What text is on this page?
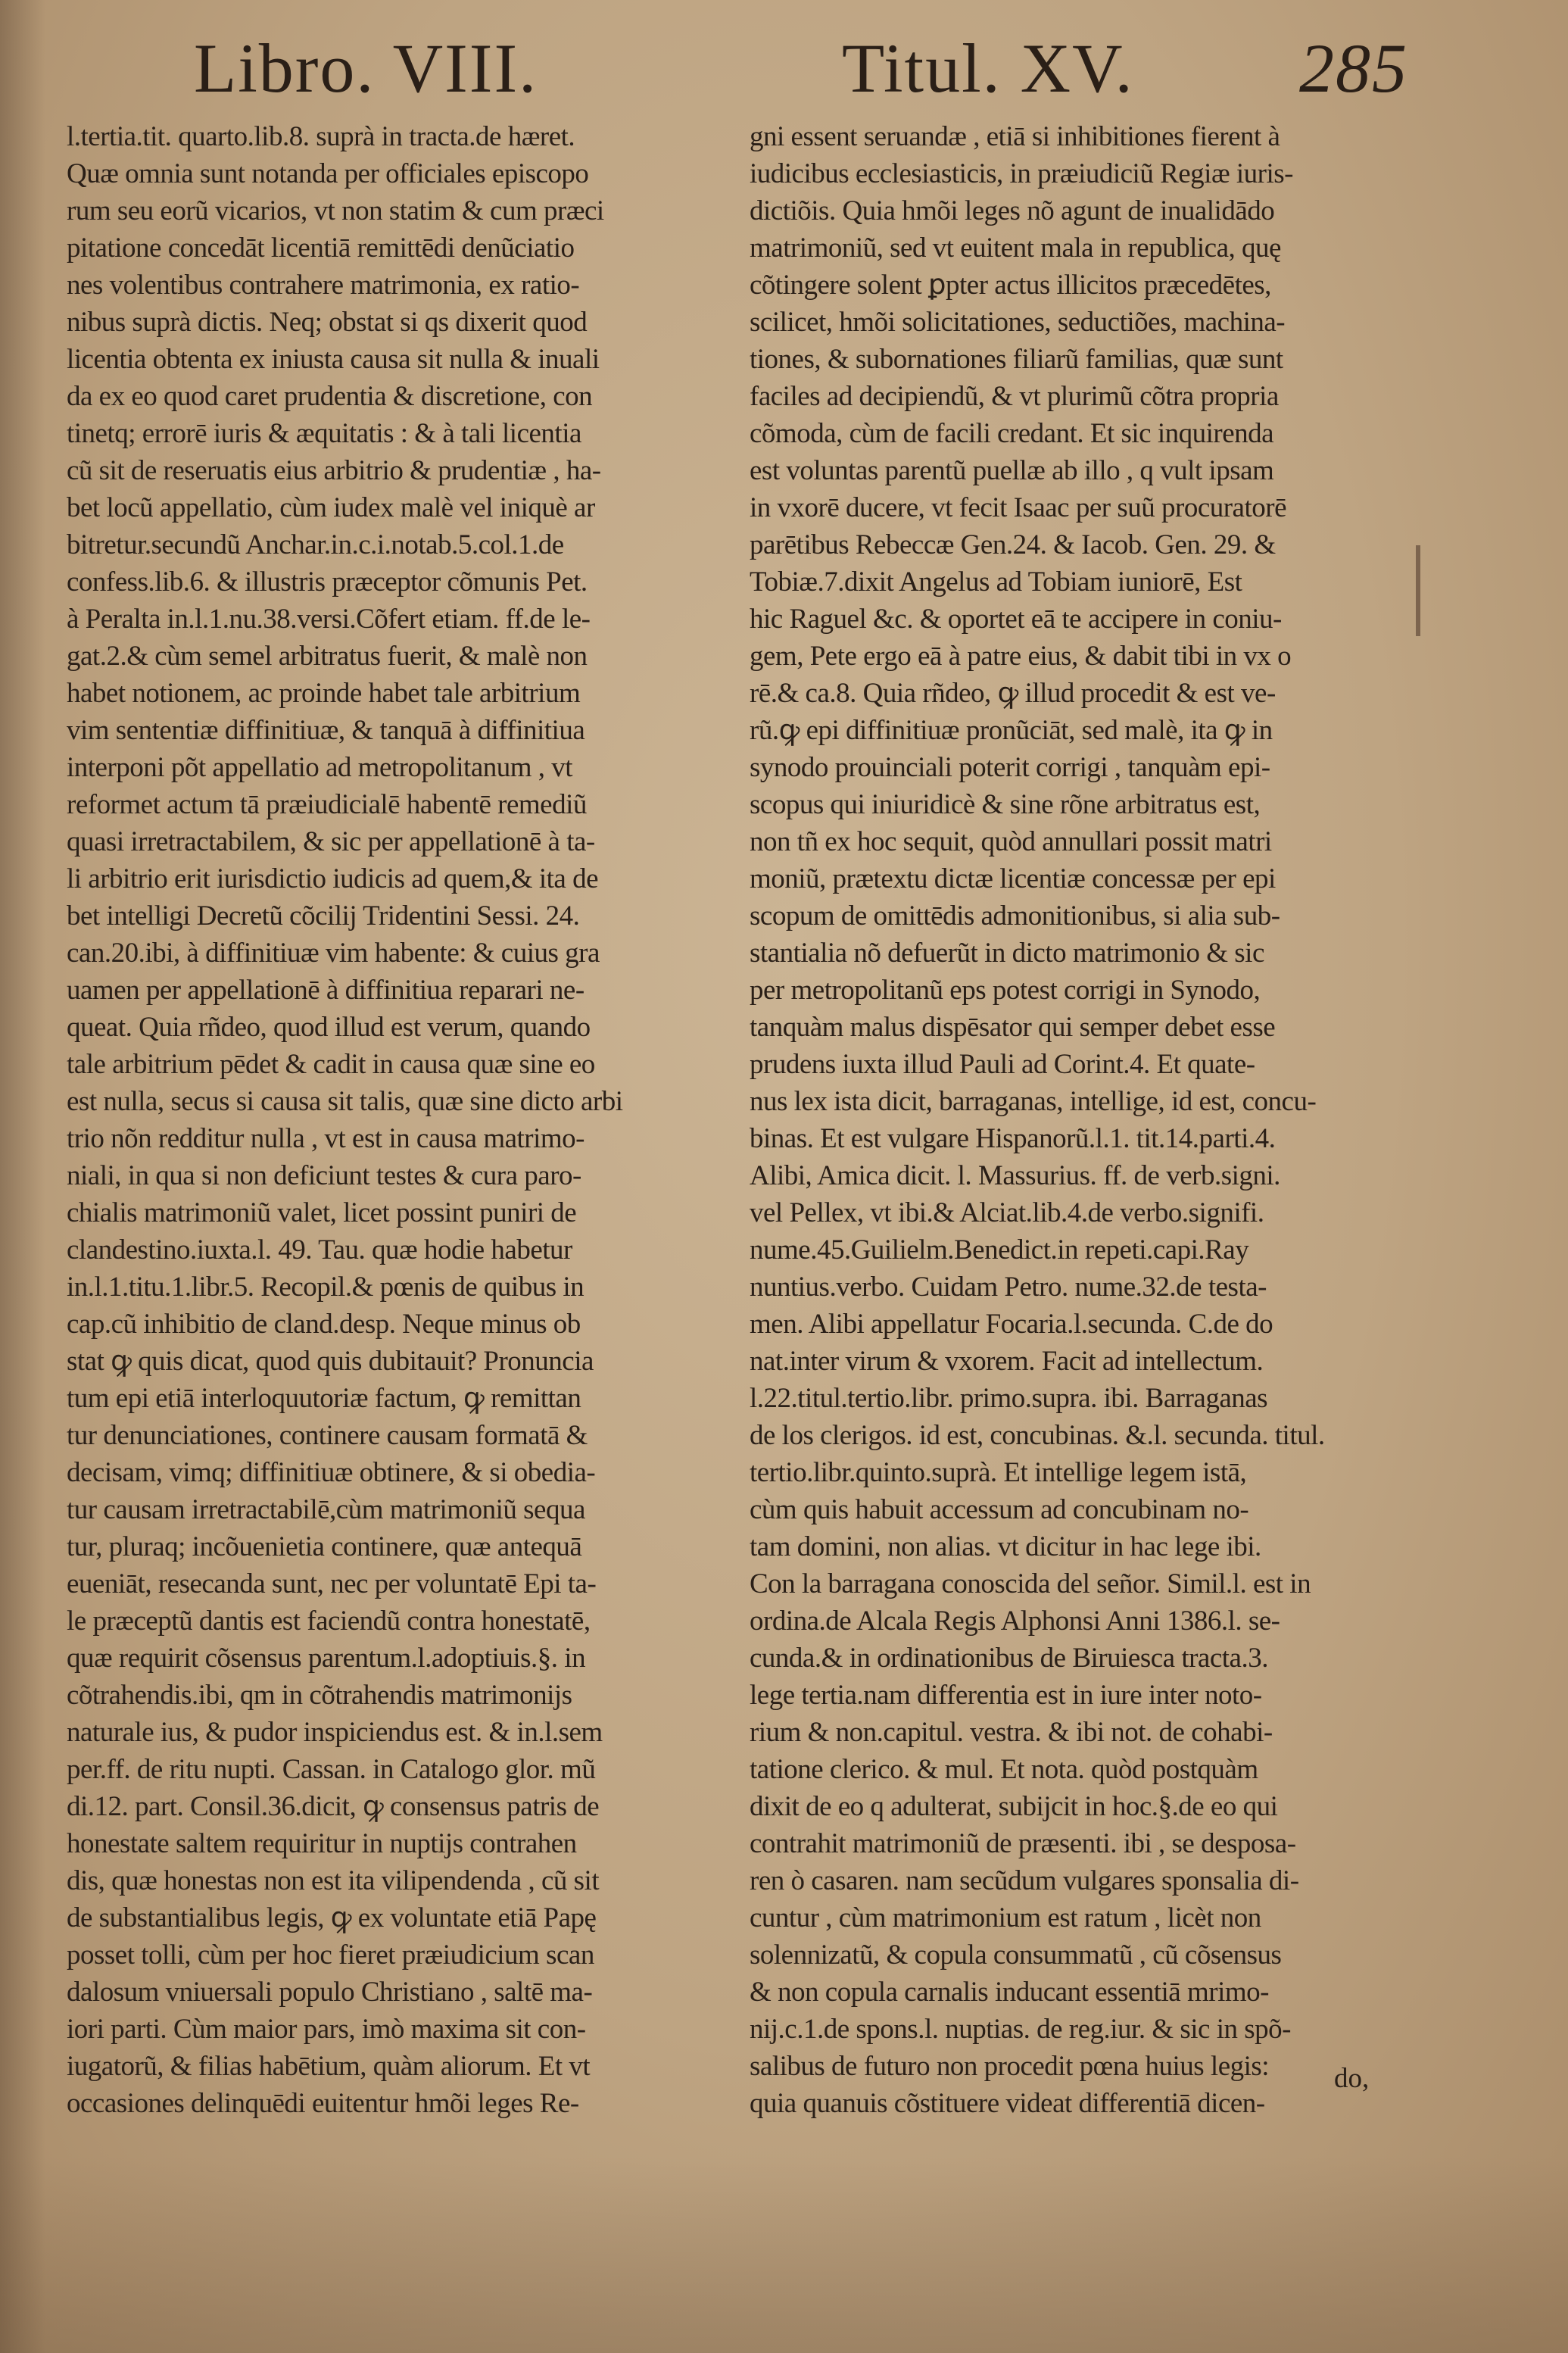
Libro. VIII.	Titul. XV. 285
l.tertia.tit. quarto.lib.8. suprà in tracta.de hæret.
Quæ omnia sunt notanda per officiales episcopo
rum seu eorũ vicarios, vt non statim & cum præci
pitatione concedāt licentiā remittēdi denũciatio
nes volentibus contrahere matrimonia, ex ratio-
nibus suprà dictis. Neq; obstat si qs dixerit quod
licentia obtenta ex iniusta causa sit nulla & inuali
da ex eo quod caret prudentia & discretione, con
tinetq; errorē iuris & æquitatis : & à tali licentia
cũ sit de reseruatis eius arbitrio & prudentiæ , ha-
bet locũ appellatio, cùm iudex malè vel iniquè ar
bitretur.secundũ Anchar.in.c.i.notab.5.col.1.de
confess.lib.6. & illustris præceptor cõmunis Pet.
à Peralta in.l.1.nu.38.versi.Cõfert etiam. ff.de le-
gat.2.& cùm semel arbitratus fuerit, & malè non
habet notionem, ac proinde habet tale arbitrium
vim sententiæ diffinitiuæ, & tanquā à diffinitiua
interponi põt appellatio ad metropolitanum , vt
reformet actum tā præiudicialē habentē remediũ
quasi irretractabilem, & sic per appellationē à ta-
li arbitrio erit iurisdictio iudicis ad quem,& ita de
bet intelligi Decretũ cõcilij Tridentini Sessi. 24.
can.20.ibi, à diffinitiuæ vim habente: & cuius gra
uamen per appellationē à diffinitiua reparari ne-
queat. Quia rñdeo, quod illud est verum, quando
tale arbitrium pēdet & cadit in causa quæ sine eo
est nulla, secus si causa sit talis, quæ sine dicto arbi
trio nõn redditur nulla , vt est in causa matrimo-
niali, in qua si non deficiunt testes & cura paro-
chialis matrimoniũ valet, licet possint puniri de
clandestino.iuxta.l. 49. Tau. quæ hodie habetur
in.l.1.titu.1.libr.5. Recopil.& pœnis de quibus in
cap.cũ inhibitio de cland.desp. Neque minus ob
stat ꝙ quis dicat, quod quis dubitauit? Pronuncia
tum epi etiā interloquutoriæ factum, ꝙ remittan
tur denunciationes, continere causam formatā &
decisam, vimq; diffinitiuæ obtinere, & si obedia-
tur causam irretractabilē,cùm matrimoniũ sequa
tur, pluraq; incõuenietia continere, quæ antequā
eueniāt, resecanda sunt, nec per voluntatē Epi ta-
le præceptũ dantis est faciendũ contra honestatē,
quæ requirit cõsensus parentum.l.adoptiuis.§. in
cõtrahendis.ibi, qm in cõtrahendis matrimonijs
naturale ius, & pudor inspiciendus est. & in.l.sem
per.ff. de ritu nupti. Cassan. in Catalogo glor. mũ
di.12. part. Consil.36.dicit, ꝙ consensus patris de
honestate saltem requiritur in nuptijs contrahen
dis, quæ honestas non est ita vilipendenda , cũ sit
de substantialibus legis, ꝙ ex voluntate etiā Papę
posset tolli, cùm per hoc fieret præiudicium scan
dalosum vniuersali populo Christiano , saltē ma-
iori parti. Cùm maior pars, imò maxima sit con-
iugatorũ, & filias habētium, quàm aliorum. Et vt
occasiones delinquēdi euitentur hmõi leges Re-
gni essent seruandæ , etiā si inhibitiones fierent à
iudicibus ecclesiasticis, in præiudiciũ Regiæ iuris-
dictiõis. Quia hmõi leges nõ agunt de inualidādo
matrimoniũ, sed vt euitent mala in republica, quę
cõtingere solent ꝑpter actus illicitos præcedētes,
scilicet, hmõi solicitationes, seductiões, machina-
tiones, & subornationes filiarũ familias, quæ sunt
faciles ad decipiendũ, & vt plurimũ cõtra propria
cõmoda, cùm de facili credant. Et sic inquirenda
est voluntas parentũ puellæ ab illo , q vult ipsam
in vxorē ducere, vt fecit Isaac per suũ procuratorē
parētibus Rebeccæ Gen.24. & Iacob. Gen. 29. &
Tobiæ.7.dixit Angelus ad Tobiam iuniorē, Est
hic Raguel &c. & oportet eā te accipere in coniu-
gem, Pete ergo eā à patre eius, & dabit tibi in vx o
rē.& ca.8. Quia rñdeo, ꝙ illud procedit & est ve-
rũ.ꝙ epi diffinitiuæ pronũciāt, sed malè, ita ꝙ in
synodo prouinciali poterit corrigi , tanquàm epi-
scopus qui iniuridicè & sine rõne arbitratus est,
non tñ ex hoc sequit, quòd annullari possit matri
moniũ, prætextu dictæ licentiæ concessæ per epi
scopum de omittēdis admonitionibus, si alia sub-
stantialia nõ defuerũt in dicto matrimonio & sic
per metropolitanũ eps potest corrigi in Synodo,
tanquàm malus dispēsator qui semper debet esse
prudens iuxta illud Pauli ad Corint.4. Et quate-
nus lex ista dicit, barraganas, intellige, id est, concu-
binas. Et est vulgare Hispanorũ.l.1. tit.14.parti.4.
Alibi, Amica dicit. l. Massurius. ff. de verb.signi.
vel Pellex, vt ibi.& Alciat.lib.4.de verbo.signifi.
nume.45.Guilielm.Benedict.in repeti.capi.Ray
nuntius.verbo. Cuidam Petro. nume.32.de testa-
men. Alibi appellatur Focaria.l.secunda. C.de do
nat.inter virum & vxorem. Facit ad intellectum.
l.22.titul.tertio.libr. primo.supra. ibi. Barraganas
de los clerigos. id est, concubinas. &.l. secunda. titul.
tertio.libr.quinto.suprà. Et intellige legem istā,
cùm quis habuit accessum ad concubinam no-
tam domini, non alias. vt dicitur in hac lege ibi.
Con la barragana conoscida del señor. Simil.l. est in
ordina.de Alcala Regis Alphonsi Anni 1386.l. se-
cunda.& in ordinationibus de Biruiesca tracta.3.
lege tertia.nam differentia est in iure inter noto-
rium & non.capitul. vestra. & ibi not. de cohabi-
tatione clerico. & mul. Et nota. quòd postquàm
dixit de eo q adulterat, subijcit in hoc.§.de eo qui
contrahit matrimoniũ de præsenti. ibi , se desposa-
ren ò casaren. nam secũdum vulgares sponsalia di-
cuntur , cùm matrimonium est ratum , licèt non
solennizatũ, & copula consummatũ , cũ cõsensus
& non copula carnalis inducant essentiā mrimo-
nij.c.1.de spons.l. nuptias. de reg.iur. & sic in spõ-
salibus de futuro non procedit pœna huius legis:
quia quanuis cõstituere videat differentiā dicen-
do,
